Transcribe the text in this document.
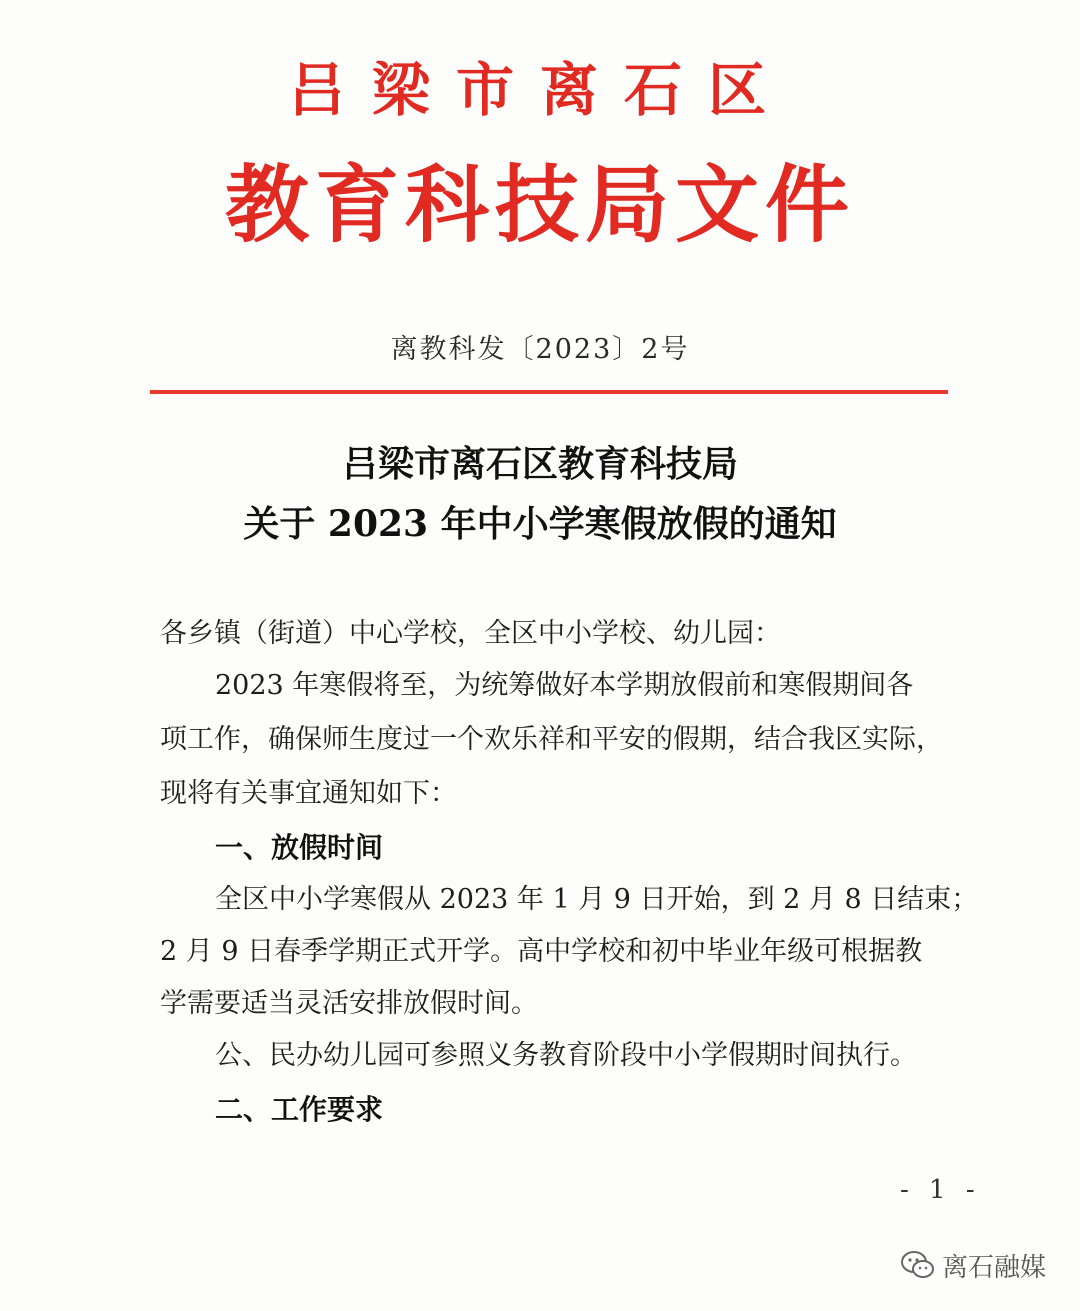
吕梁市离石区
教育科技局文件
离教科发〔2023〕2号
吕梁市离石区教育科技局
关于 2023 年中小学寒假放假的通知
各乡镇（街道）中心学校，全区中小学校、幼儿园：
2023 年寒假将至，为统筹做好本学期放假前和寒假期间各
项工作，确保师生度过一个欢乐祥和平安的假期，结合我区实际，
现将有关事宜通知如下：
一、放假时间
全区中小学寒假从 2023 年 1 月 9 日开始，到 2 月 8 日结束；
2 月 9 日春季学期正式开学。高中学校和初中毕业年级可根据教
学需要适当灵活安排放假时间。
公、民办幼儿园可参照义务教育阶段中小学假期时间执行。
二、工作要求
- 1 -
离石融媒
